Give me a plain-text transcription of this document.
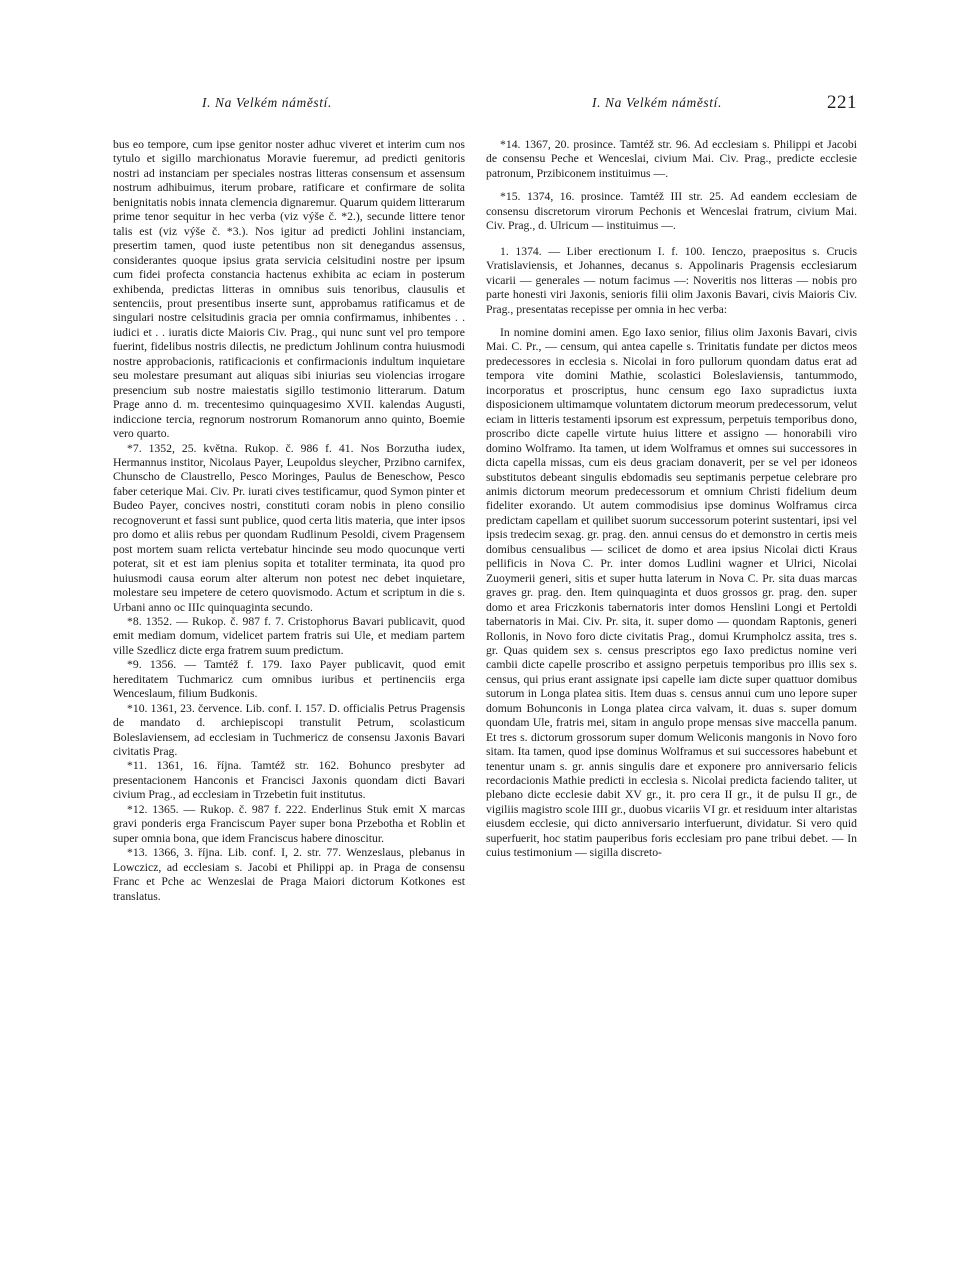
I. Na Velkém náměstí.	I. Na Velkém náměstí.	221

bus eo tempore, cum ipse genitor noster adhuc viveret et interim cum nos tytulo et sigillo marchionatus Moravie fueremur, ad predicti genitoris nostri ad instanciam per speciales nostras litteras consensum et assensum nostrum adhibuimus, iterum probare, ratificare et confirmare de solita benignitatis nobis innata clemencia dignaremur. Quarum quidem litterarum prime tenor sequitur in hec verba (viz výše č. *2.), secunde littere tenor talis est (viz výše č. *3.). Nos igitur ad predicti Johlini instanciam, presertim tamen, quod iuste petentibus non sit denegandus assensus, considerantes quoque ipsius grata servicia celsitudini nostre per ipsum cum fidei profecta constancia hactenus exhibita ac eciam in posterum exhibenda, predictas litteras in omnibus suis tenoribus, clausulis et sentenciis, prout presentibus inserte sunt, approbamus ratificamus et de singulari nostre celsitudinis gracia per omnia confirmamus, inhibentes . . iudici et . . iuratis dicte Maioris Civ. Prag., qui nunc sunt vel pro tempore fuerint, fidelibus nostris dilectis, ne predictum Johlinum contra huiusmodi nostre approbacionis, ratificacionis et confirmacionis indultum inquietare seu molestare presumant aut aliquas sibi iniurias seu violencias irrogare presencium sub nostre maiestatis sigillo testimonio litterarum. Datum Prage anno d. m. trecentesimo quinquagesimo XVII. kalendas Augusti, indiccione tercia, regnorum nostrorum Romanorum anno quinto, Boemie vero quarto.

*7. 1352, 25. května. Rukop. č. 986 f. 41. Nos Borzutha iudex, Hermannus institor, Nicolaus Payer, Leupoldus sleycher, Przibno carnifex, Chunscho de Claustrello, Pesco Moringes, Paulus de Beneschow, Pesco faber ceterique Mai. Civ. Pr. iurati cives testificamur, quod Symon pinter et Budeo Payer, concives nostri, constituti coram nobis in pleno consilio recognoverunt et fassi sunt publice, quod certa litis materia, que inter ipsos pro domo et aliis rebus per quondam Rudlinum Pesoldi, civem Pragensem post mortem suam relicta vertebatur hincinde seu modo quocunque verti poterat, sit et est iam plenius sopita et totaliter terminata, ita quod pro huiusmodi causa eorum alter alterum non potest nec debet inquietare, molestare seu impetere de cetero quovismodo. Actum et scriptum in die s. Urbani anno oc IIIc quinquaginta secundo.

*8. 1352. — Rukop. č. 987 f. 7. Cristophorus Bavari publicavit, quod emit mediam domum, videlicet partem fratris sui Ule, et mediam partem ville Szedlicz dicte erga fratrem suum predictum.

*9. 1356. — Tamtéž f. 179. Iaxo Payer publicavit, quod emit hereditatem Tuchmaricz cum omnibus iuribus et pertinenciis erga Wenceslaum, filium Budkonis.

*10. 1361, 23. července. Lib. conf. I. 157. D. officialis Petrus Pragensis de mandato d. archiepiscopi transtulit Petrum, scolasticum Boleslaviensem, ad ecclesiam in Tuchmericz de consensu Jaxonis Bavari civitatis Prag.

*11. 1361, 16. října. Tamtéž str. 162. Bohunco presbyter ad presentacionem Hanconis et Francisci Jaxonis quondam dicti Bavari civium Prag., ad ecclesiam in Trzebetin fuit institutus.

*12. 1365. — Rukop. č. 987 f. 222. Enderlinus Stuk emit X marcas gravi ponderis erga Franciscum Payer super bona Przebotha et Roblin et super omnia bona, que idem Franciscus habere dinoscitur.

*13. 1366, 3. října. Lib. conf. I, 2. str. 77. Wenzeslaus, plebanus in Lowczicz, ad ecclesiam s. Jacobi et Philippi ap. in Praga de consensu Franc et Pche ac Wenzeslai de Praga Maiori dictorum Kotkones est translatus.

*14. 1367, 20. prosince. Tamtéž str. 96. Ad ecclesiam s. Philippi et Jacobi de consensu Peche et Wenceslai, civium Mai. Civ. Prag., predicte ecclesie patronum, Przibiconem instituimus —.

*15. 1374, 16. prosince. Tamtéž III str. 25. Ad eandem ecclesiam de consensu discretorum virorum Pechonis et Wenceslai fratrum, civium Mai. Civ. Prag., d. Ulricum — instituimus —.

1. 1374. — Liber erectionum I. f. 100. Ienczo, praepositus s. Crucis Vratislaviensis, et Johannes, decanus s. Appolinaris Pragensis ecclesiarum vicarii — generales — notum facimus —: Noveritis nos litteras — nobis pro parte honesti viri Jaxonis, senioris filii olim Jaxonis Bavari, civis Maioris Civ. Prag., presentatas recepisse per omnia in hec verba:

In nomine domini amen. Ego Iaxo senior, filius olim Jaxonis Bavari, civis Mai. C. Pr., — censum, qui antea capelle s. Trinitatis fundate per dictos meos predecessores in ecclesia s. Nicolai in foro pullorum quondam datus erat ad tempora vite domini Mathie, scolastici Boleslaviensis, tantummodo, incorporatus et proscriptus, hunc censum ego Iaxo supradictus iuxta disposicionem ultimamque voluntatem dictorum meorum predecessorum, velut eciam in litteris testamenti ipsorum est expressum, perpetuis temporibus dono, proscribo dicte capelle virtute huius littere et assigno — honorabili viro domino Wolframo. Ita tamen, ut idem Wolframus et omnes sui successores in dicta capella missas, cum eis deus graciam donaverit, per se vel per idoneos substitutos debeant singulis ebdomadis seu septimanis perpetue celebrare pro animis dictorum meorum predecessorum et omnium Christi fidelium deum fideliter exorando. Ut autem commodisius ipse dominus Wolframus circa predictam capellam et quilibet suorum successorum poterint sustentari, ipsi vel ipsis tredecim sexag. gr. prag. den. annui census do et demonstro in certis meis domibus censualibus — scilicet de domo et area ipsius Nicolai dicti Kraus pellificis in Nova C. Pr. inter domos Ludlini wagner et Ulrici, Nicolai Zuoymerii generi, sitis et super hutta laterum in Nova C. Pr. sita duas marcas graves gr. prag. den. Item quinquaginta et duos grossos gr. prag. den. super domo et area Friczkonis tabernatoris inter domos Henslini Longi et Pertoldi tabernatoris in Mai. Civ. Pr. sita, it. super domo — quondam Raptonis, generi Rollonis, in Novo foro dicte civitatis Prag., domui Krumpholcz assita, tres s. gr. Quas quidem sex s. census prescriptos ego Iaxo predictus nomine veri cambii dicte capelle proscribo et assigno perpetuis temporibus pro illis sex s. census, qui prius erant assignate ipsi capelle iam dicte super quattuor domibus sutorum in Longa platea sitis. Item duas s. census annui cum uno lepore super domum Bohunconis in Longa platea circa valvam, it. duas s. super domum quondam Ule, fratris mei, sitam in angulo prope mensas sive maccella panum. Et tres s. dictorum grossorum super domum Weliconis mangonis in Novo foro sitam. Ita tamen, quod ipse dominus Wolframus et sui successores habebunt et tenentur unam s. gr. annis singulis dare et exponere pro anniversario felicis recordacionis Mathie predicti in ecclesia s. Nicolai predicta faciendo taliter, ut plebano dicte ecclesie dabit XV gr., it. pro cera II gr., it de pulsu II gr., de vigiliis magistro scole IIII gr., duobus vicariis VI gr. et residuum inter altaristas eiusdem ecclesie, qui dicto anniversario interfuerunt, dividatur. Si vero quid superfuerit, hoc statim pauperibus foris ecclesiam pro pane tribui debet. — In cuius testimonium — sigilla discreto-
